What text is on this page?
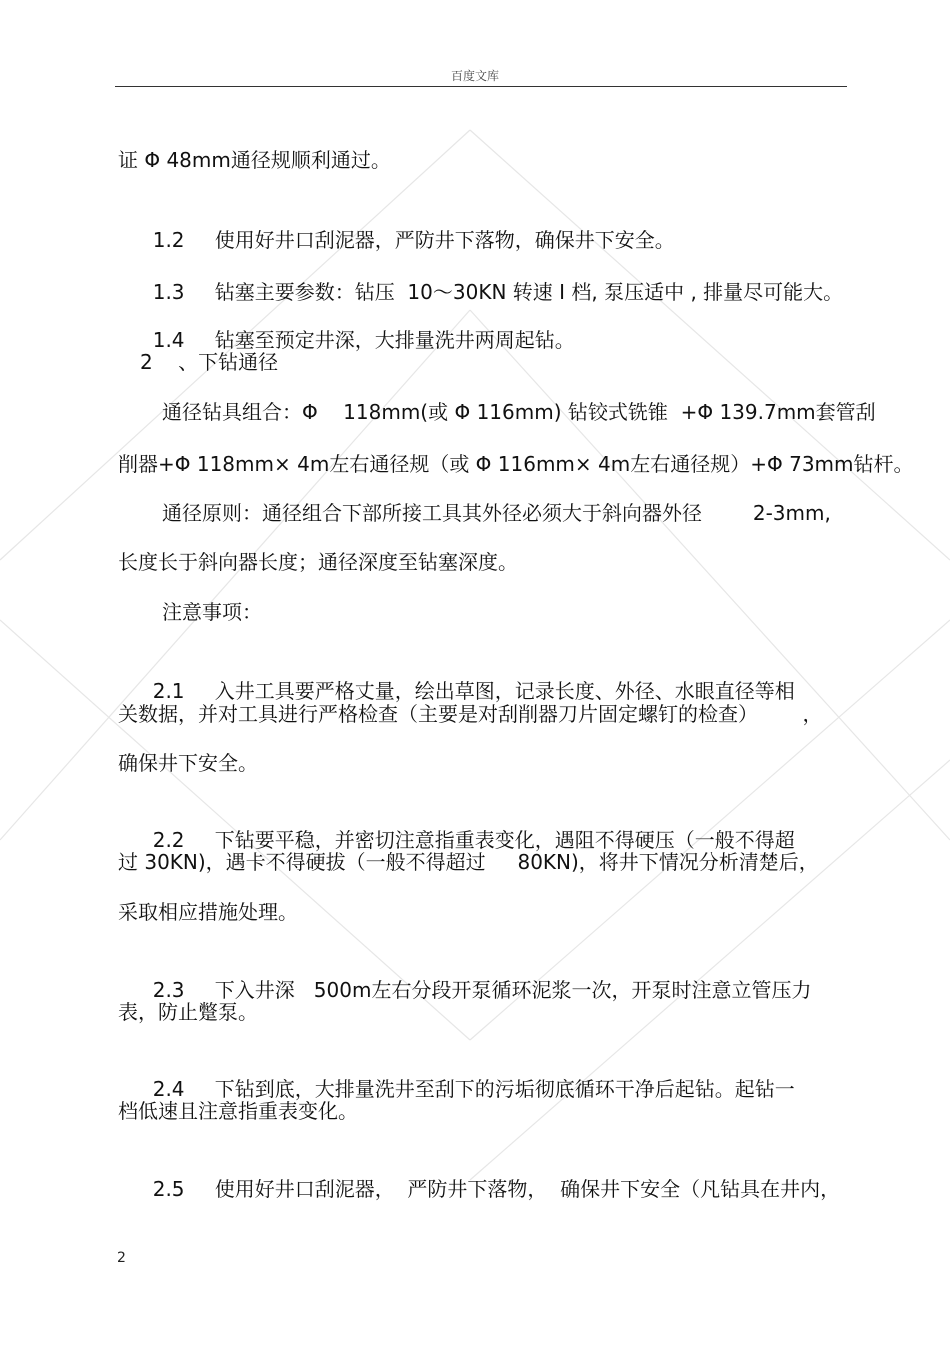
百度文库
证 Φ 48mm通径规顺利通过。

1.2 使用好井口刮泥器，严防井下落物，确保井下安全。

1.3 钻塞主要参数：钻压  10～30KN 转速 Ⅰ 档, 泵压适中 , 排量尽可能大。

1.4 钻塞至预定井深，大排量洗井两周起钻。

2    、下钻通径
通径钻具组合：Φ    118mm(或 Φ 116mm) 钻铰式铣锥  +Φ 139.7mm套管刮
削器+Φ 118mm× 4m左右通径规（或 Φ 116mm× 4m左右通径规）+Φ 73mm钻杆。
通径原则：通径组合下部所接工具其外径必须大于斜向器外径        2-3mm,
长度长于斜向器长度；通径深度至钻塞深度。
注意事项：

2.1 入井工具要严格丈量，绘出草图，记录长度、外径、水眼直径等相

关数据，并对工具进行严格检查（主要是对刮削器刀片固定螺钉的检查）       ，
确保井下安全。

2.2 下钻要平稳，并密切注意指重表变化，遇阻不得硬压（一般不得超

过 30KN)，遇卡不得硬拔（一般不得超过     80KN)，将井下情况分析清楚后，
采取相应措施处理。

2.3 下入井深   500m左右分段开泵循环泥浆一次，开泵时注意立管压力

表，防止蹩泵。

2.4 下钻到底，大排量洗井至刮下的污垢彻底循环干净后起钻。起钻一

档低速且注意指重表变化。

2.5 使用好井口刮泥器，  严防井下落物，  确保井下安全（凡钻具在井内，

2
